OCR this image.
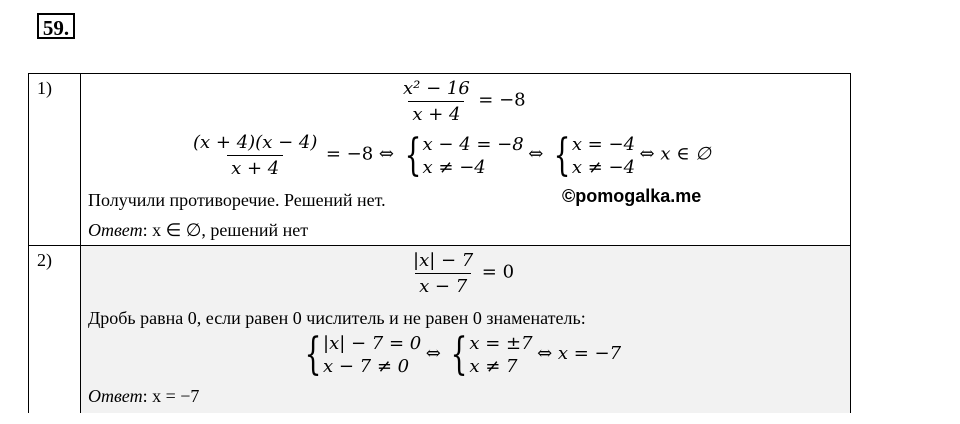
59.
1)	$\frac{\text{x² − 16}}{x + 4} = -8$
$\frac{(x + 4)(x - 4)}{x + 4} = -8$ ⇔ { x − 4 = −8
x ≠ −4
⇔ { x = −4
x ≠ −4
⇔ x ∈ ∅
Получили противоречие. Решений нет.
Ответ: x ∈ ∅, решений нет
2)	$\frac{|x| - 7}{x - 7} = 0$
Дробь равна 0, если равен 0 числитель и не равен 0 знаменатель:
{ |x| − 7 = 0
x − 7 ≠ 0
⇔ { x = ±7
x ≠ 7
⇔ x = −7
Ответ: x = −7
©pomogalka.me
